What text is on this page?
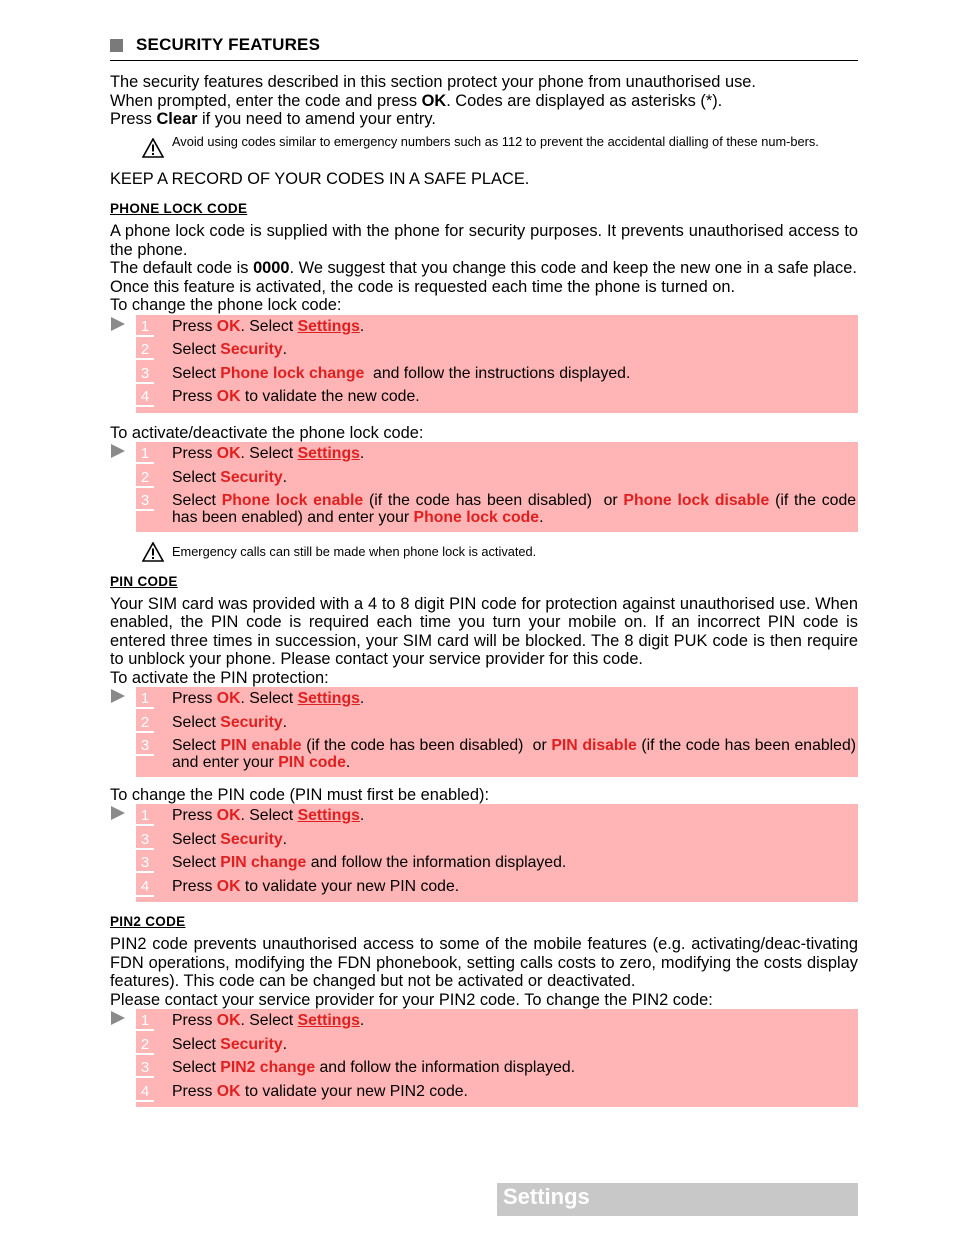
SECURITY FEATURES

The security features described in this section protect your phone from unauthorised use.

When prompted, enter the code and press OK. Codes are displayed as asterisks (*).

Press Clear if you need to amend your entry.

Avoid using codes similar to emergency numbers such as 112 to prevent the accidental dialling of these num-bers.

KEEP A RECORD OF YOUR CODES IN A SAFE PLACE.

PHONE LOCK CODE

A phone lock code is supplied with the phone for security purposes. It prevents unauthorised access to the phone.

The default code is 0000. We suggest that you change this code and keep the new one in a safe place.

Once this feature is activated, the code is requested each time the phone is turned on.

To change the phone lock code:

1	Press OK. Select Settings.
2	Select Security.
3	Select Phone lock change  and follow the instructions displayed.
4	Press OK to validate the new code.

To activate/deactivate the phone lock code:

1	Press OK. Select Settings.
2	Select Security.
3	Select Phone lock enable (if the code has been disabled)  or Phone lock disable (if the code has been enabled) and enter your Phone lock code.
Emergency calls can still be made when phone lock is activated.
PIN CODE

Your SIM card was provided with a 4 to 8 digit PIN code for protection against unauthorised use. When enabled, the PIN code is required each time you turn your mobile on. If an incorrect PIN code is entered three times in succession, your SIM card will be blocked. The 8 digit PUK code is then require to unblock your phone. Please contact your service provider for this code.

To activate the PIN protection:

1	Press OK. Select Settings.
2	Select Security.
3	Select PIN enable (if the code has been disabled)  or PIN disable (if the code has been enabled) and enter your PIN code.

To change the PIN code (PIN must first be enabled):

1	Press OK. Select Settings.
3	Select Security.
3	Select PIN change and follow the information displayed.
4	Press OK to validate your new PIN code.
PIN2 CODE

PIN2 code prevents unauthorised access to some of the mobile features (e.g. activating/deac-tivating FDN operations, modifying the FDN phonebook, setting calls costs to zero, modifying the costs display features). This code can be changed but not be activated or deactivated.

Please contact your service provider for your PIN2 code. To change the PIN2 code:

1	Press OK. Select Settings.
2	Select Security.
3	Select PIN2 change and follow the information displayed.
4	Press OK to validate your new PIN2 code.
Settings
